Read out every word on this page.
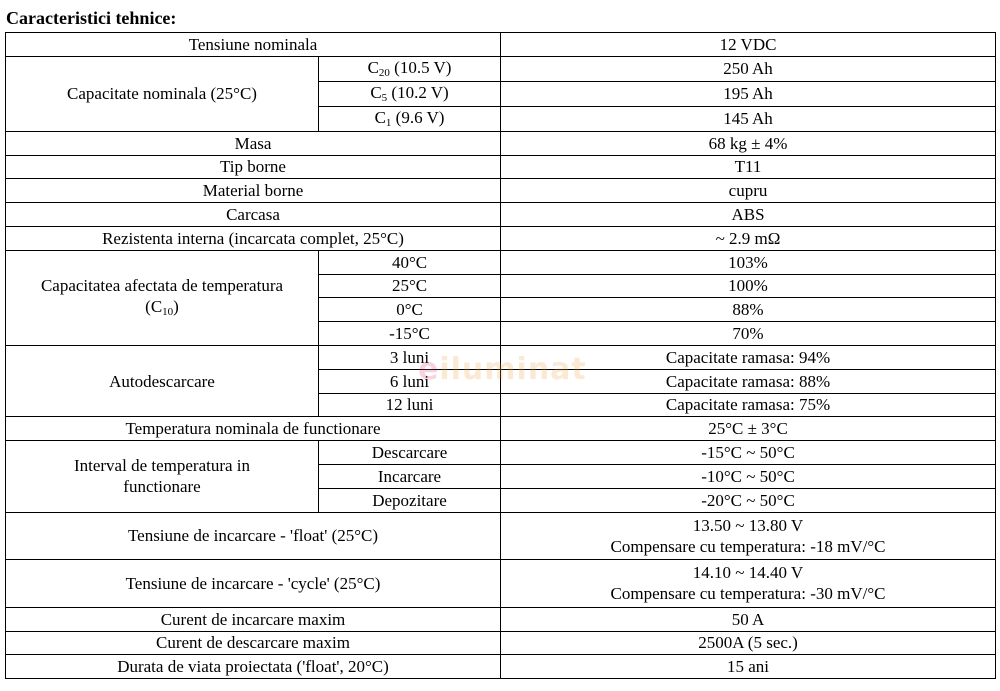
Caracteristici tehnice:
Tensiune nominala		12 VDC
Capacitate nominala (25°C)	$C_{20}$ (10.5 V)	250 Ah
	$C_5$ (10.2 V)	195 Ah
	$C_1$ (9.6 V)	145 Ah
Masa		68 kg ± 4%
Tip borne		T11
Material borne		cupru
Carcasa		ABS
Rezistenta interna (incarcata complet, 25°C)		~ 2.9 mΩ
Capacitatea afectata de temperatura
$(C_{10})$	40°C	103%
	25°C	100%
	0°C	88%
	-15°C	70%
Autodescarcare	3 luni	Capacitate ramasa: 94%
	6 luni	Capacitate ramasa: 88%
	12 luni	Capacitate ramasa: 75%
Temperatura nominala de functionare		25°C ± 3°C
Interval de temperatura in
functionare	Descarcare	-15°C ~ 50°C
	Incarcare	-10°C ~ 50°C
	Depozitare	-20°C ~ 50°C
Tensiune de incarcare - 'float' (25°C)		13.50 ~ 13.80 V
Compensare cu temperatura: -18 mV/°C
Tensiune de incarcare - 'cycle' (25°C)		14.10 ~ 14.40 V
Compensare cu temperatura: -30 mV/°C
Curent de incarcare maxim		50 A
Curent de descarcare maxim		2500A (5 sec.)
Durata de viata proiectata ('float', 20°C)		15 ani
eiluminat
